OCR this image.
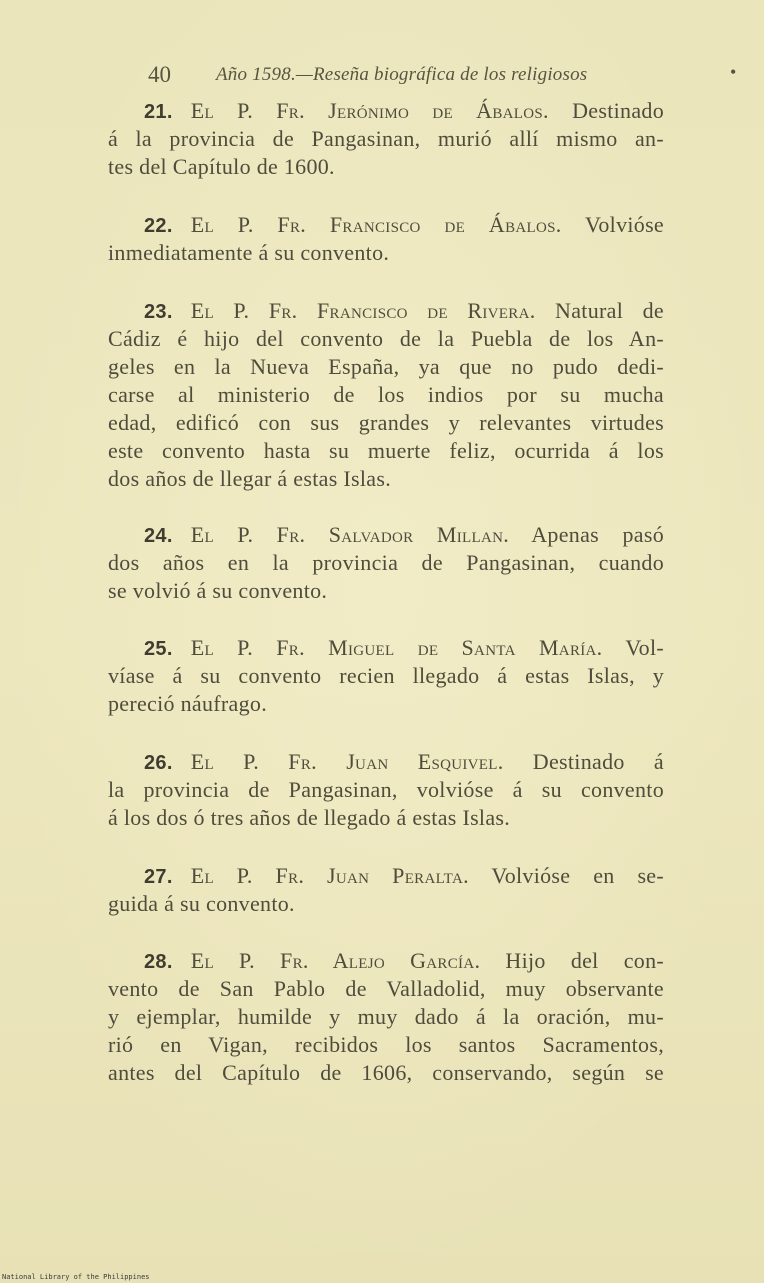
40 Año 1598.—Reseña biográfica de los religiosos	•
21. El P. Fr. Jerónimo de Ábalos. Destinado
á la provincia de Pangasinan, murió allí mismo an-
tes del Capítulo de 1600.
22. El P. Fr. Francisco de Ábalos. Volvióse
inmediatamente á su convento.
23. El P. Fr. Francisco de Rivera. Natural de
Cádiz é hijo del convento de la Puebla de los An-
geles en la Nueva España, ya que no pudo dedi-
carse al ministerio de los indios por su mucha
edad, edificó con sus grandes y relevantes virtudes
este convento hasta su muerte feliz, ocurrida á los
dos años de llegar á estas Islas.
24. El P. Fr. Salvador Millan. Apenas pasó
dos años en la provincia de Pangasinan, cuando
se volvió á su convento.
25. El P. Fr. Miguel de Santa María. Vol-
víase á su convento recien llegado á estas Islas, y
pereció náufrago.
26. El P. Fr. Juan Esquivel. Destinado á
la provincia de Pangasinan, volvióse á su convento
á los dos ó tres años de llegado á estas Islas.
27. El P. Fr. Juan Peralta. Volvióse en se-
guida á su convento.
28. El P. Fr. Alejo García. Hijo del con-
vento de San Pablo de Valladolid, muy observante
y ejemplar, humilde y muy dado á la oración, mu-
rió en Vigan, recibidos los santos Sacramentos,
antes del Capítulo de 1606, conservando, según se
National Library of the Philippines
